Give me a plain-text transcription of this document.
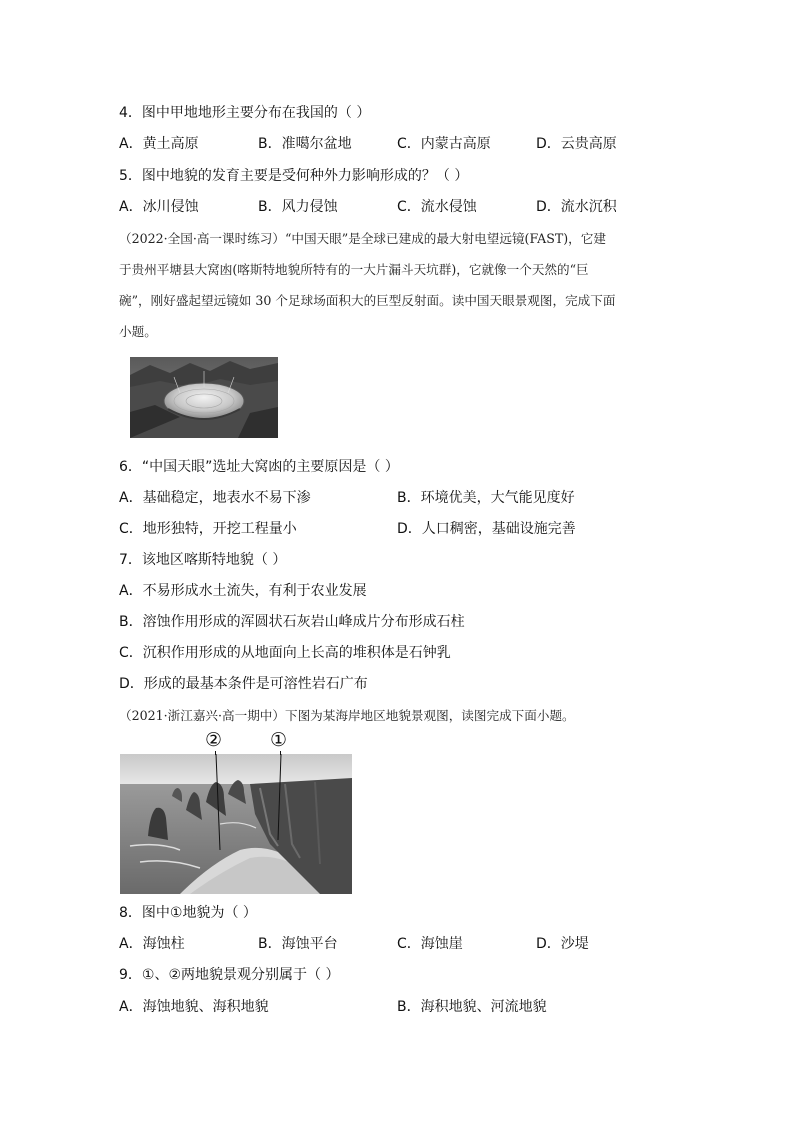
4．图中甲地地形主要分布在我国的（ ）
A．黄土高原	B．准噶尔盆地	C．内蒙古高原	D．云贵高原
5．图中地貌的发育主要是受何种外力影响形成的？（ ）
A．冰川侵蚀	B．风力侵蚀	C．流水侵蚀	D．流水沉积
（2022·全国·高一课时练习）“中国天眼”是全球已建成的最大射电望远镜(FAST)，它建
于贵州平塘县大窝凼(喀斯特地貌所特有的一大片漏斗天坑群)，它就像一个天然的“巨
碗”，刚好盛起望远镜如 30 个足球场面积大的巨型反射面。读中国天眼景观图，完成下面
小题。
6．“中国天眼”选址大窝凼的主要原因是（ ）
A．基础稳定，地表水不易下渗	B．环境优美，大气能见度好
C．地形独特，开挖工程量小	D．人口稠密，基础设施完善
7．该地区喀斯特地貌（ ）
A．不易形成水土流失，有利于农业发展
B．溶蚀作用形成的浑圆状石灰岩山峰成片分布形成石柱
C．沉积作用形成的从地面向上长高的堆积体是石钟乳
D．形成的最基本条件是可溶性岩石广布
（2021·浙江嘉兴·高一期中）下图为某海岸地区地貌景观图，读图完成下面小题。
②	①
8．图中①地貌为（ ）
A．海蚀柱	B．海蚀平台	C．海蚀崖	D．沙堤
9．①、②两地貌景观分别属于（ ）
A．海蚀地貌、海积地貌	B．海积地貌、河流地貌
